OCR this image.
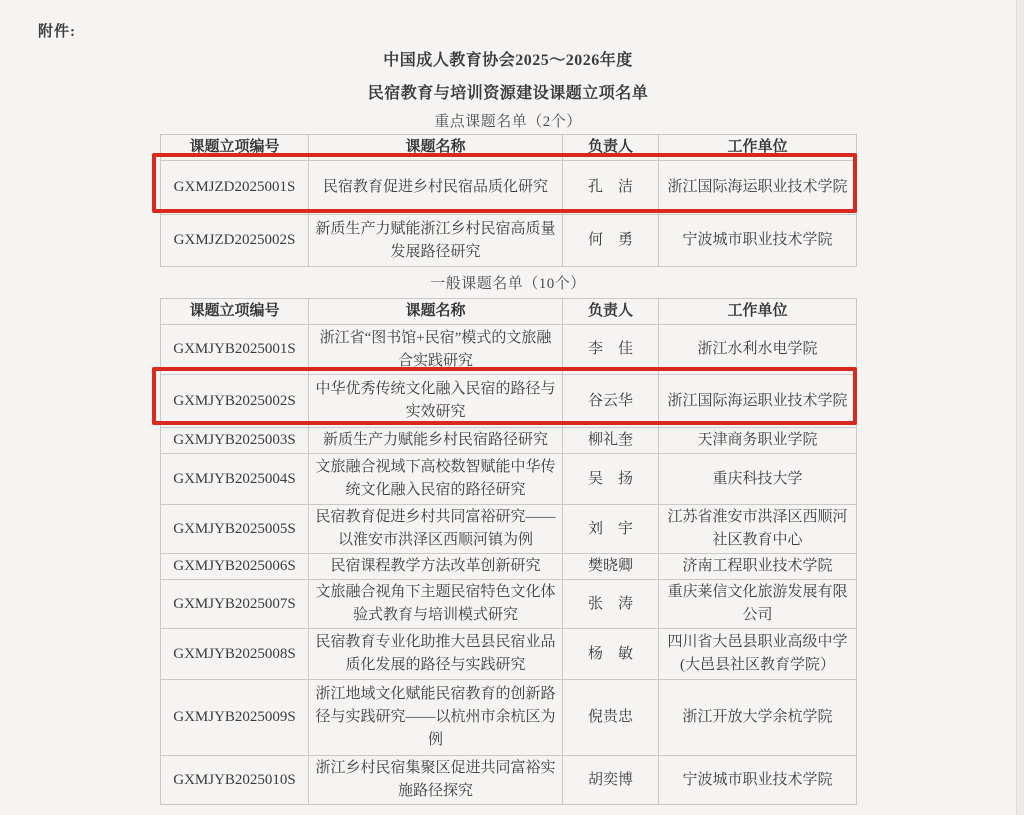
附件:
中国成人教育协会2025～2026年度
民宿教育与培训资源建设课题立项名单
重点课题名单（2个）
课题立项编号	课题名称	负责人	工作单位
GXMJZD2025001S	民宿教育促进乡村民宿品质化研究	孔　洁	浙江国际海运职业技术学院
GXMJZD2025002S	新质生产力赋能浙江乡村民宿高质量发展路径研究	何　勇	宁波城市职业技术学院
一般课题名单（10个）
课题立项编号	课题名称	负责人	工作单位
GXMJYB2025001S	浙江省“图书馆+民宿”模式的文旅融合实践研究	李　佳	浙江水利水电学院
GXMJYB2025002S	中华优秀传统文化融入民宿的路径与实效研究	谷云华	浙江国际海运职业技术学院
GXMJYB2025003S	新质生产力赋能乡村民宿路径研究	柳礼奎	天津商务职业学院
GXMJYB2025004S	文旅融合视域下高校数智赋能中华传统文化融入民宿的路径研究	吴　扬	重庆科技大学
GXMJYB2025005S	民宿教育促进乡村共同富裕研究——以淮安市洪泽区西顺河镇为例	刘　宇	江苏省淮安市洪泽区西顺河社区教育中心
GXMJYB2025006S	民宿课程教学方法改革创新研究	樊晓卿	济南工程职业技术学院
GXMJYB2025007S	文旅融合视角下主题民宿特色文化体验式教育与培训模式研究	张　涛	重庆莱信文化旅游发展有限公司
GXMJYB2025008S	民宿教育专业化助推大邑县民宿业品质化发展的路径与实践研究	杨　敏	四川省大邑县职业高级中学(大邑县社区教育学院）
GXMJYB2025009S	浙江地域文化赋能民宿教育的创新路径与实践研究——以杭州市余杭区为例	倪贵忠	浙江开放大学余杭学院
GXMJYB2025010S	浙江乡村民宿集聚区促进共同富裕实施路径探究	胡奕博	宁波城市职业技术学院
